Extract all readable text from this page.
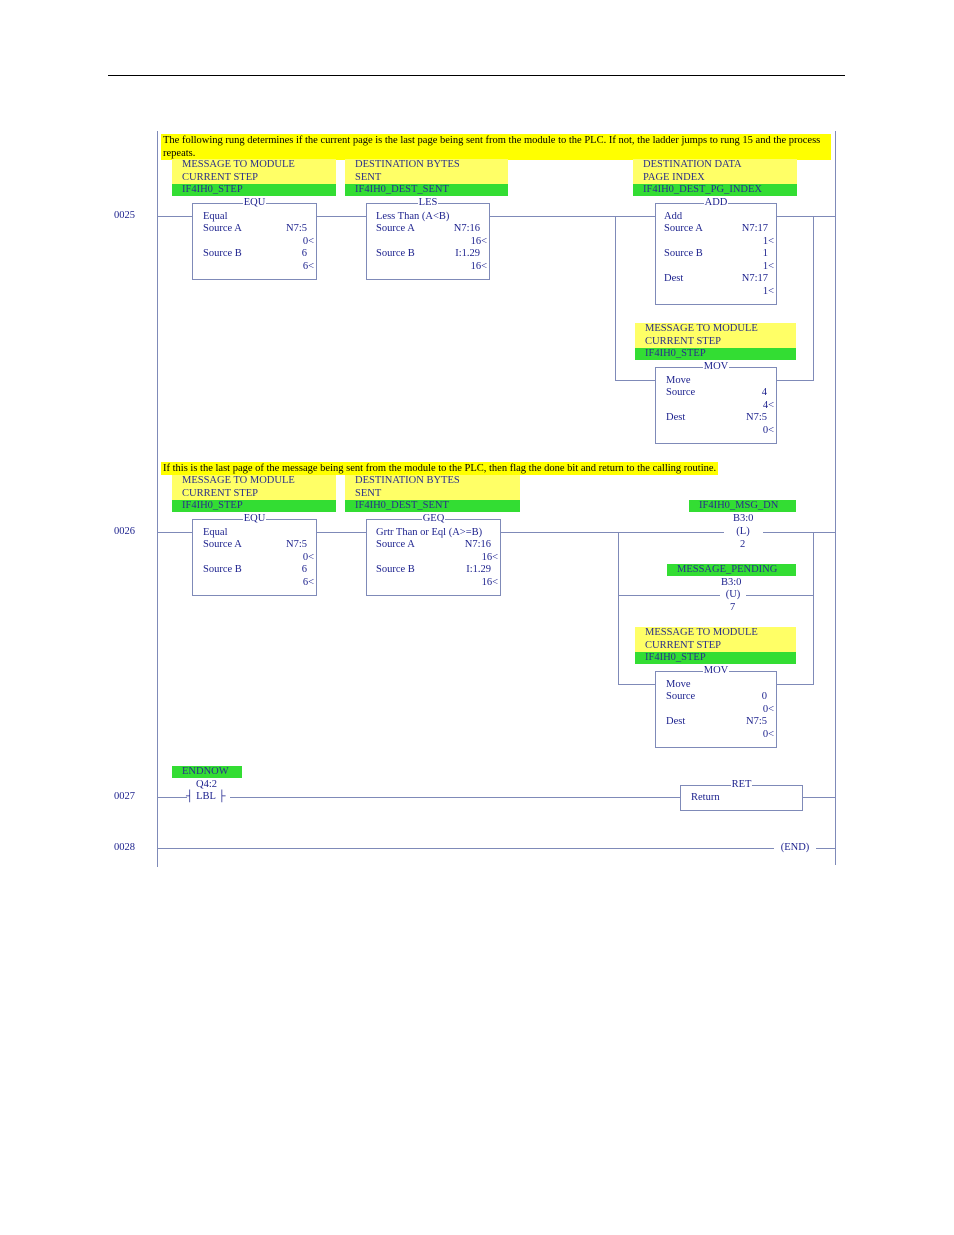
The following rung determines if the current page is the last page being sent from the module to the PLC. If not, the ladder jumps to rung 15 and the process repeats.
0025
MESSAGE TO MODULE
CURRENT STEP
IF4IH0_STEP
EQU
Equal
Source A	N7:5
0<
Source B	6
6<
DESTINATION BYTES
SENT
IF4IH0_DEST_SENT
LES
Less Than (A<B)
Source A	N7:16
16<
Source B	I:1.29
16<
DESTINATION DATA
PAGE INDEX
IF4IH0_DEST_PG_INDEX
ADD
Add
Source A	N7:17
1<
Source B	1
1<
Dest	N7:17
1<
MESSAGE TO MODULE
CURRENT STEP
IF4IH0_STEP
MOV
Move
Source	4
4<
Dest	N7:5
0<
If this is the last page of the message being sent from the module to the PLC, then flag the done bit and return to the calling routine.
0026
MESSAGE TO MODULE
CURRENT STEP
IF4IH0_STEP
EQU
Equal
Source A	N7:5
0<
Source B	6
6<
DESTINATION BYTES
SENT
IF4IH0_DEST_SENT
GEQ
Grtr Than or Eql (A>=B)
Source A	N7:16
16<
Source B	I:1.29
16<
IF4IH0_MSG_DN
B3:0
(L)
2
MESSAGE_PENDING
B3:0
(U)
7
MESSAGE TO MODULE
CURRENT STEP
IF4IH0_STEP
MOV
Move
Source	0
0<
Dest	N7:5
0<
0027
ENDNOW
Q4:2
┤ LBL ├
RET
Return
0028	(END)
